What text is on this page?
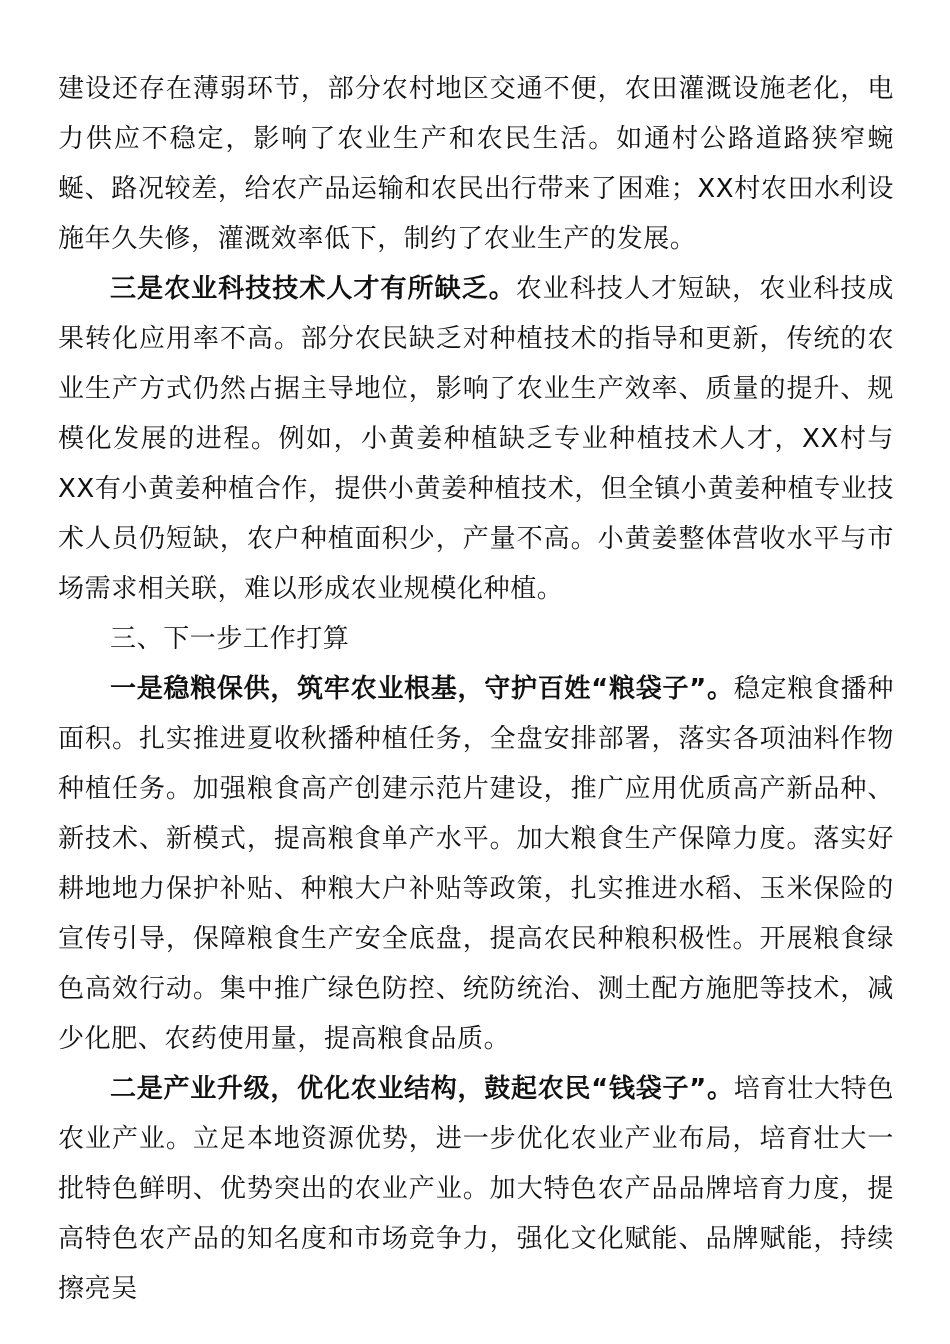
建设还存在薄弱环节，部分农村地区交通不便，农田灌溉设施老化，电力供应不稳定，影响了农业生产和农民生活。如通村公路道路狭窄蜿蜒、路况较差，给农产品运输和农民出行带来了困难；XX村农田水利设施年久失修，灌溉效率低下，制约了农业生产的发展。

三是农业科技技术人才有所缺乏。农业科技人才短缺，农业科技成果转化应用率不高。部分农民缺乏对种植技术的指导和更新，传统的农业生产方式仍然占据主导地位，影响了农业生产效率、质量的提升、规模化发展的进程。例如，小黄姜种植缺乏专业种植技术人才，XX村与XX有小黄姜种植合作，提供小黄姜种植技术，但全镇小黄姜种植专业技术人员仍短缺，农户种植面积少，产量不高。小黄姜整体营收水平与市场需求相关联，难以形成农业规模化种植。

三、下一步工作打算

一是稳粮保供，筑牢农业根基，守护百姓“粮袋子”。稳定粮食播种面积。扎实推进夏收秋播种植任务，全盘安排部署，落实各项油料作物种植任务。加强粮食高产创建示范片建设，推广应用优质高产新品种、新技术、新模式，提高粮食单产水平。加大粮食生产保障力度。落实好耕地地力保护补贴、种粮大户补贴等政策，扎实推进水稻、玉米保险的宣传引导，保障粮食生产安全底盘，提高农民种粮积极性。开展粮食绿色高效行动。集中推广绿色防控、统防统治、测土配方施肥等技术，减少化肥、农药使用量，提高粮食品质。

二是产业升级，优化农业结构，鼓起农民“钱袋子”。培育壮大特色农业产业。立足本地资源优势，进一步优化农业产业布局，培育壮大一批特色鲜明、优势突出的农业产业。加大特色农产品品牌培育力度，提高特色农产品的知名度和市场竞争力，强化文化赋能、品牌赋能，持续擦亮吴
